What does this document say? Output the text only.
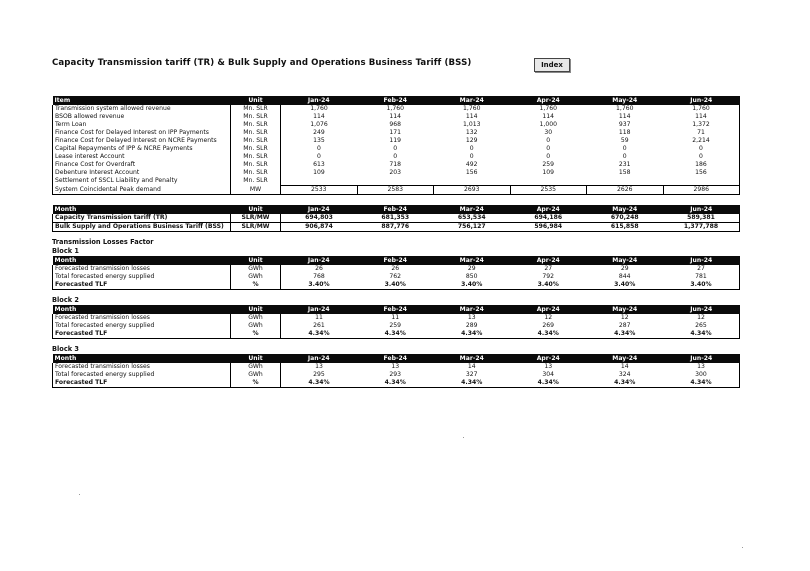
Capacity Transmission tariff (TR) & Bulk Supply and Operations Business Tariff (BSS)	Index
Item	Unit	Jan-24	Feb-24	Mar-24	Apr-24	May-24	Jun-24
Transmission system allowed revenue	Mn. SLR	1,760	1,760	1,760	1,760	1,760	1,760
BSOB allowed revenue	Mn. SLR	114	114	114	114	114	114
Term Loan	Mn. SLR	1,076	968	1,013	1,000	937	1,372
Finance Cost for Delayed Interest on IPP Payments	Mn. SLR	249	171	132	30	118	71
Finance Cost for Delayed Interest on NCRE Payments	Mn. SLR	135	119	129	0	59	2,214
Capital Repayments of IPP & NCRE Payments	Mn. SLR	0	0	0	0	0	0
Lease interest Account	Mn. SLR	0	0	0	0	0	0
Finance Cost for Overdraft	Mn. SLR	613	718	492	259	231	186
Debenture Interest Account	Mn. SLR	109	203	156	109	158	156
Settlement of SSCL Liability and Penalty	Mn. SLR						
System Coincidental Peak demand	MW	2533	2583	2693	2535	2626	2986
Month	Unit	Jan-24	Feb-24	Mar-24	Apr-24	May-24	Jun-24
Capacity Transmission tariff (TR)	SLR/MW	694,803	681,353	653,534	694,186	670,248	589,381
Bulk Supply and Operations Business Tariff (BSS)	SLR/MW	906,874	887,776	756,127	596,984	615,858	1,377,788
Transmission Losses Factor
Block 1
Month	Unit	Jan-24	Feb-24	Mar-24	Apr-24	May-24	Jun-24
Forecasted transmission losses	GWh	26	26	29	27	29	27
Total forecasted energy supplied	GWh	768	762	850	792	844	781
Forecasted TLF	%	3.40%	3.40%	3.40%	3.40%	3.40%	3.40%
Block 2
Month	Unit	Jan-24	Feb-24	Mar-24	Apr-24	May-24	Jun-24
Forecasted transmission losses	GWh	11	11	13	12	12	12
Total forecasted energy supplied	GWh	261	259	289	269	287	265
Forecasted TLF	%	4.34%	4.34%	4.34%	4.34%	4.34%	4.34%
Block 3
Month	Unit	Jan-24	Feb-24	Mar-24	Apr-24	May-24	Jun-24
Forecasted transmission losses	GWh	13	13	14	13	14	13
Total forecasted energy supplied	GWh	295	293	327	304	324	300
Forecasted TLF	%	4.34%	4.34%	4.34%	4.34%	4.34%	4.34%
